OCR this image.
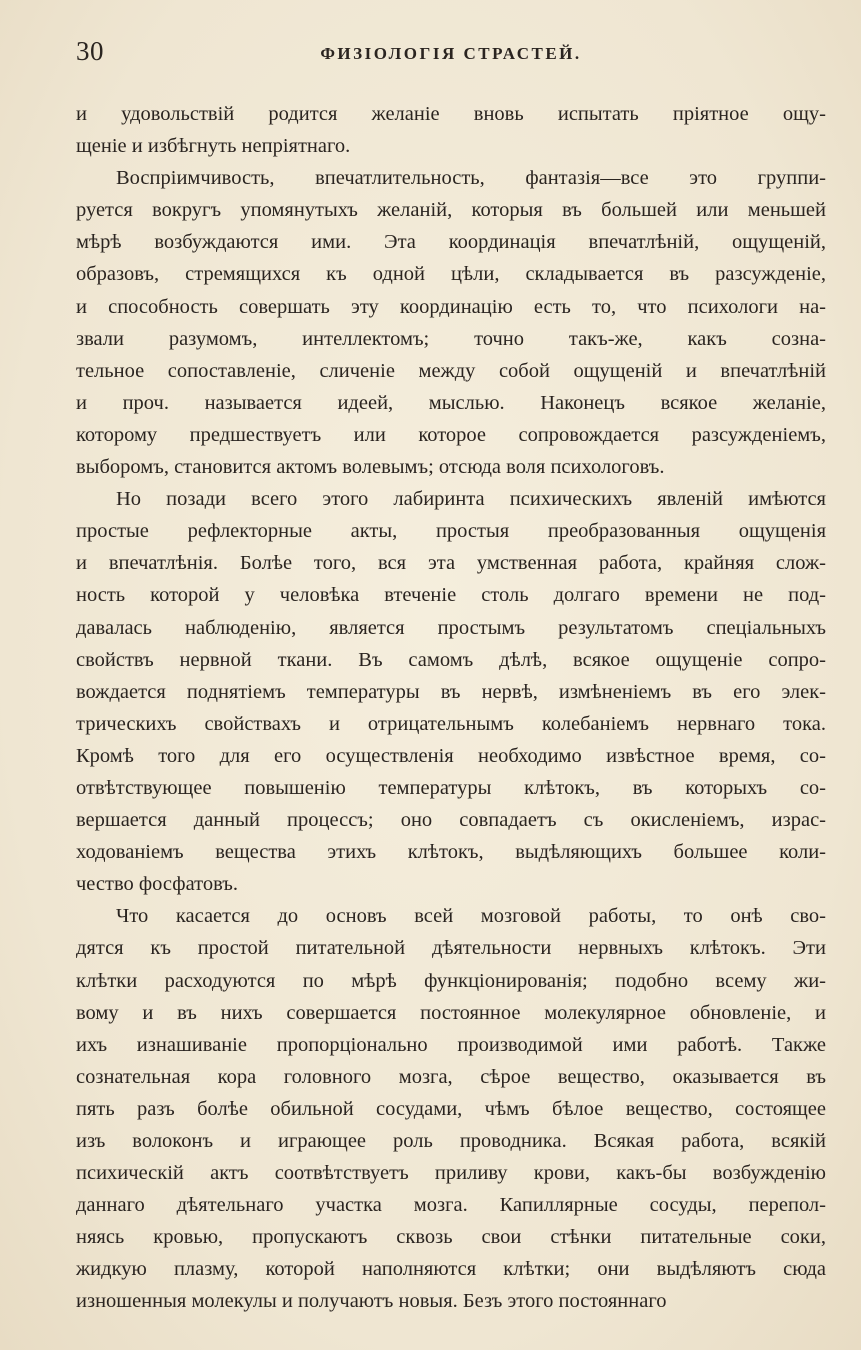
30	ФИЗІОЛОГІЯ СТРАСТЕЙ.
и удовольствій родится желаніе вновь испытать пріятное ощу-
щеніе и избѣгнуть непріятнаго.
Воспріимчивость, впечатлительность, фантазія—все это группи-
руется вокругъ упомянутыхъ желаній, которыя въ большей или меньшей
мѣрѣ возбуждаются ими. Эта координація впечатлѣній, ощущеній,
образовъ, стремящихся къ одной цѣли, складывается въ разсужденіе,
и способность совершать эту координацію есть то, что психологи на-
звали разумомъ, интеллектомъ; точно такъ-же, какъ созна-
тельное сопоставленіе, сличеніе между собой ощущеній и впечатлѣній
и проч. называется идеей, мыслью. Наконецъ всякое желаніе,
которому предшествуетъ или которое сопровождается разсужденіемъ,
выборомъ, становится актомъ волевымъ; отсюда воля психологовъ.
Но позади всего этого лабиринта психическихъ явленій имѣются
простые рефлекторные акты, простыя преобразованныя ощущенія
и впечатлѣнія. Болѣе того, вся эта умственная работа, крайняя слож-
ность которой у человѣка втеченіе столь долгаго времени не под-
давалась наблюденію, является простымъ результатомъ спеціальныхъ
свойствъ нервной ткани. Въ самомъ дѣлѣ, всякое ощущеніе сопро-
вождается поднятіемъ температуры въ нервѣ, измѣненіемъ въ его элек-
трическихъ свойствахъ и отрицательнымъ колебаніемъ нервнаго тока.
Кромѣ того для его осуществленія необходимо извѣстное время, со-
отвѣтствующее повышенію температуры клѣтокъ, въ которыхъ со-
вершается данный процессъ; оно совпадаетъ съ окисленіемъ, израс-
ходованіемъ вещества этихъ клѣтокъ, выдѣляющихъ большее коли-
чество фосфатовъ.
Что касается до основъ всей мозговой работы, то онѣ сво-
дятся къ простой питательной дѣятельности нервныхъ клѣтокъ. Эти
клѣтки расходуются по мѣрѣ функціонированія; подобно всему жи-
вому и въ нихъ совершается постоянное молекулярное обновленіе, и
ихъ изнашиваніе пропорціонально производимой ими работѣ. Также
сознательная кора головного мозга, сѣрое вещество, оказывается въ
пять разъ болѣе обильной сосудами, чѣмъ бѣлое вещество, состоящее
изъ волоконъ и играющее роль проводника. Всякая работа, всякій
психическій актъ соотвѣтствуетъ приливу крови, какъ-бы возбужденію
даннаго дѣятельнаго участка мозга. Капиллярные сосуды, перепол-
няясь кровью, пропускаютъ сквозь свои стѣнки питательные соки,
жидкую плазму, которой наполняются клѣтки; они выдѣляютъ сюда
изношенныя молекулы и получаютъ новыя. Безъ этого постояннаго
